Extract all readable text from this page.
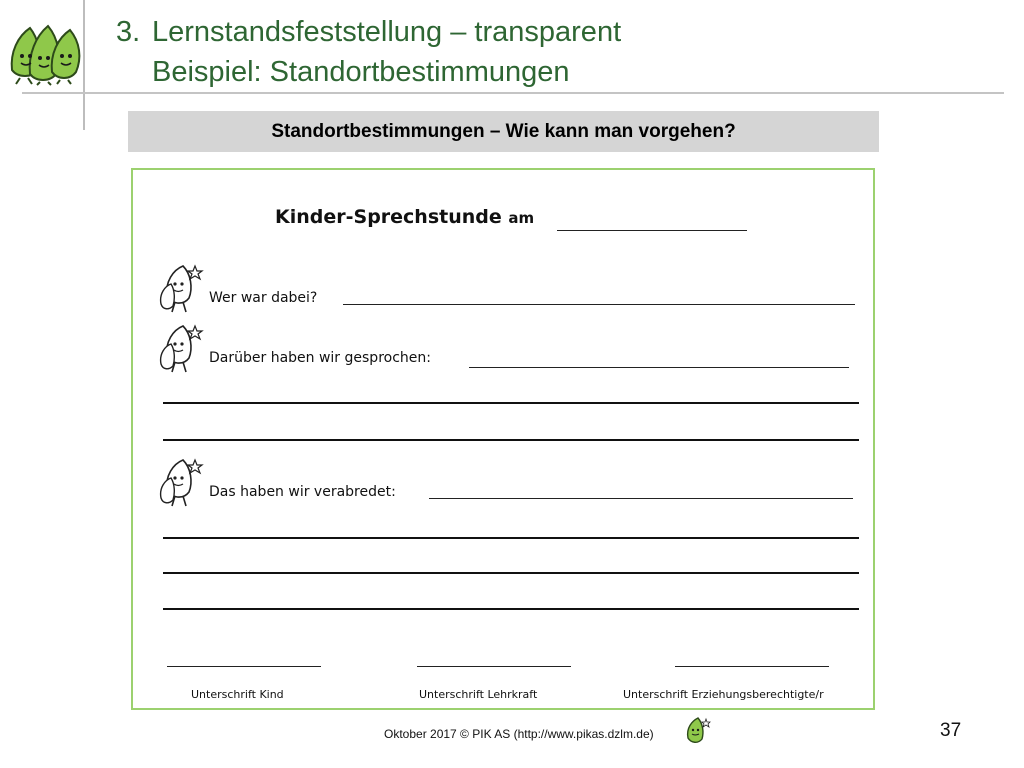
3. Lernstandsfeststellung – transparent
Beispiel: Standortbestimmungen
Standortbestimmungen – Wie kann man vorgehen?
Kinder-Sprechstunde am
Wer war dabei?
Darüber haben wir gesprochen:
Das haben wir verabredet:
Unterschrift Kind	Unterschrift Lehrkraft	Unterschrift Erziehungsberechtigte/r
Oktober 2017 © PIK AS (http://www.pikas.dzlm.de)	37
